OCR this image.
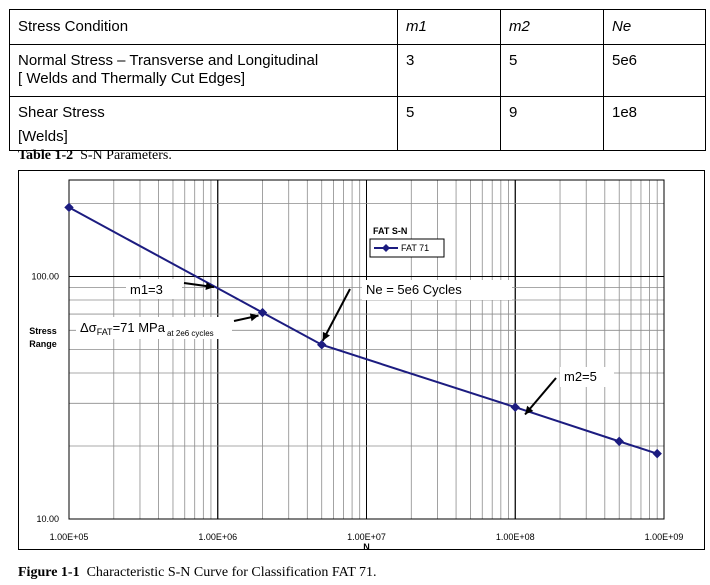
Stress Condition	m1	m2	Ne

Normal Stress – Transverse and Longitudinal
[ Welds and Thermally Cut Edges]	3	5	5e6

Shear Stress
[Welds]	5	9	1e8
Table 1-2 S-N Parameters.
1.00E+05	1.00E+06	1.00E+07	1.00E+08	1.00E+09
10.00
100.00
N
Stress
Range
m1=3
$\Delta\sigma_{FAT}=71$ MPa $_{at 2e6 cycles}$
Ne = 5e6 Cycles
m2=5
FAT S-N
FAT 71
Figure 1-1 Characteristic S-N Curve for Classification FAT 71.
